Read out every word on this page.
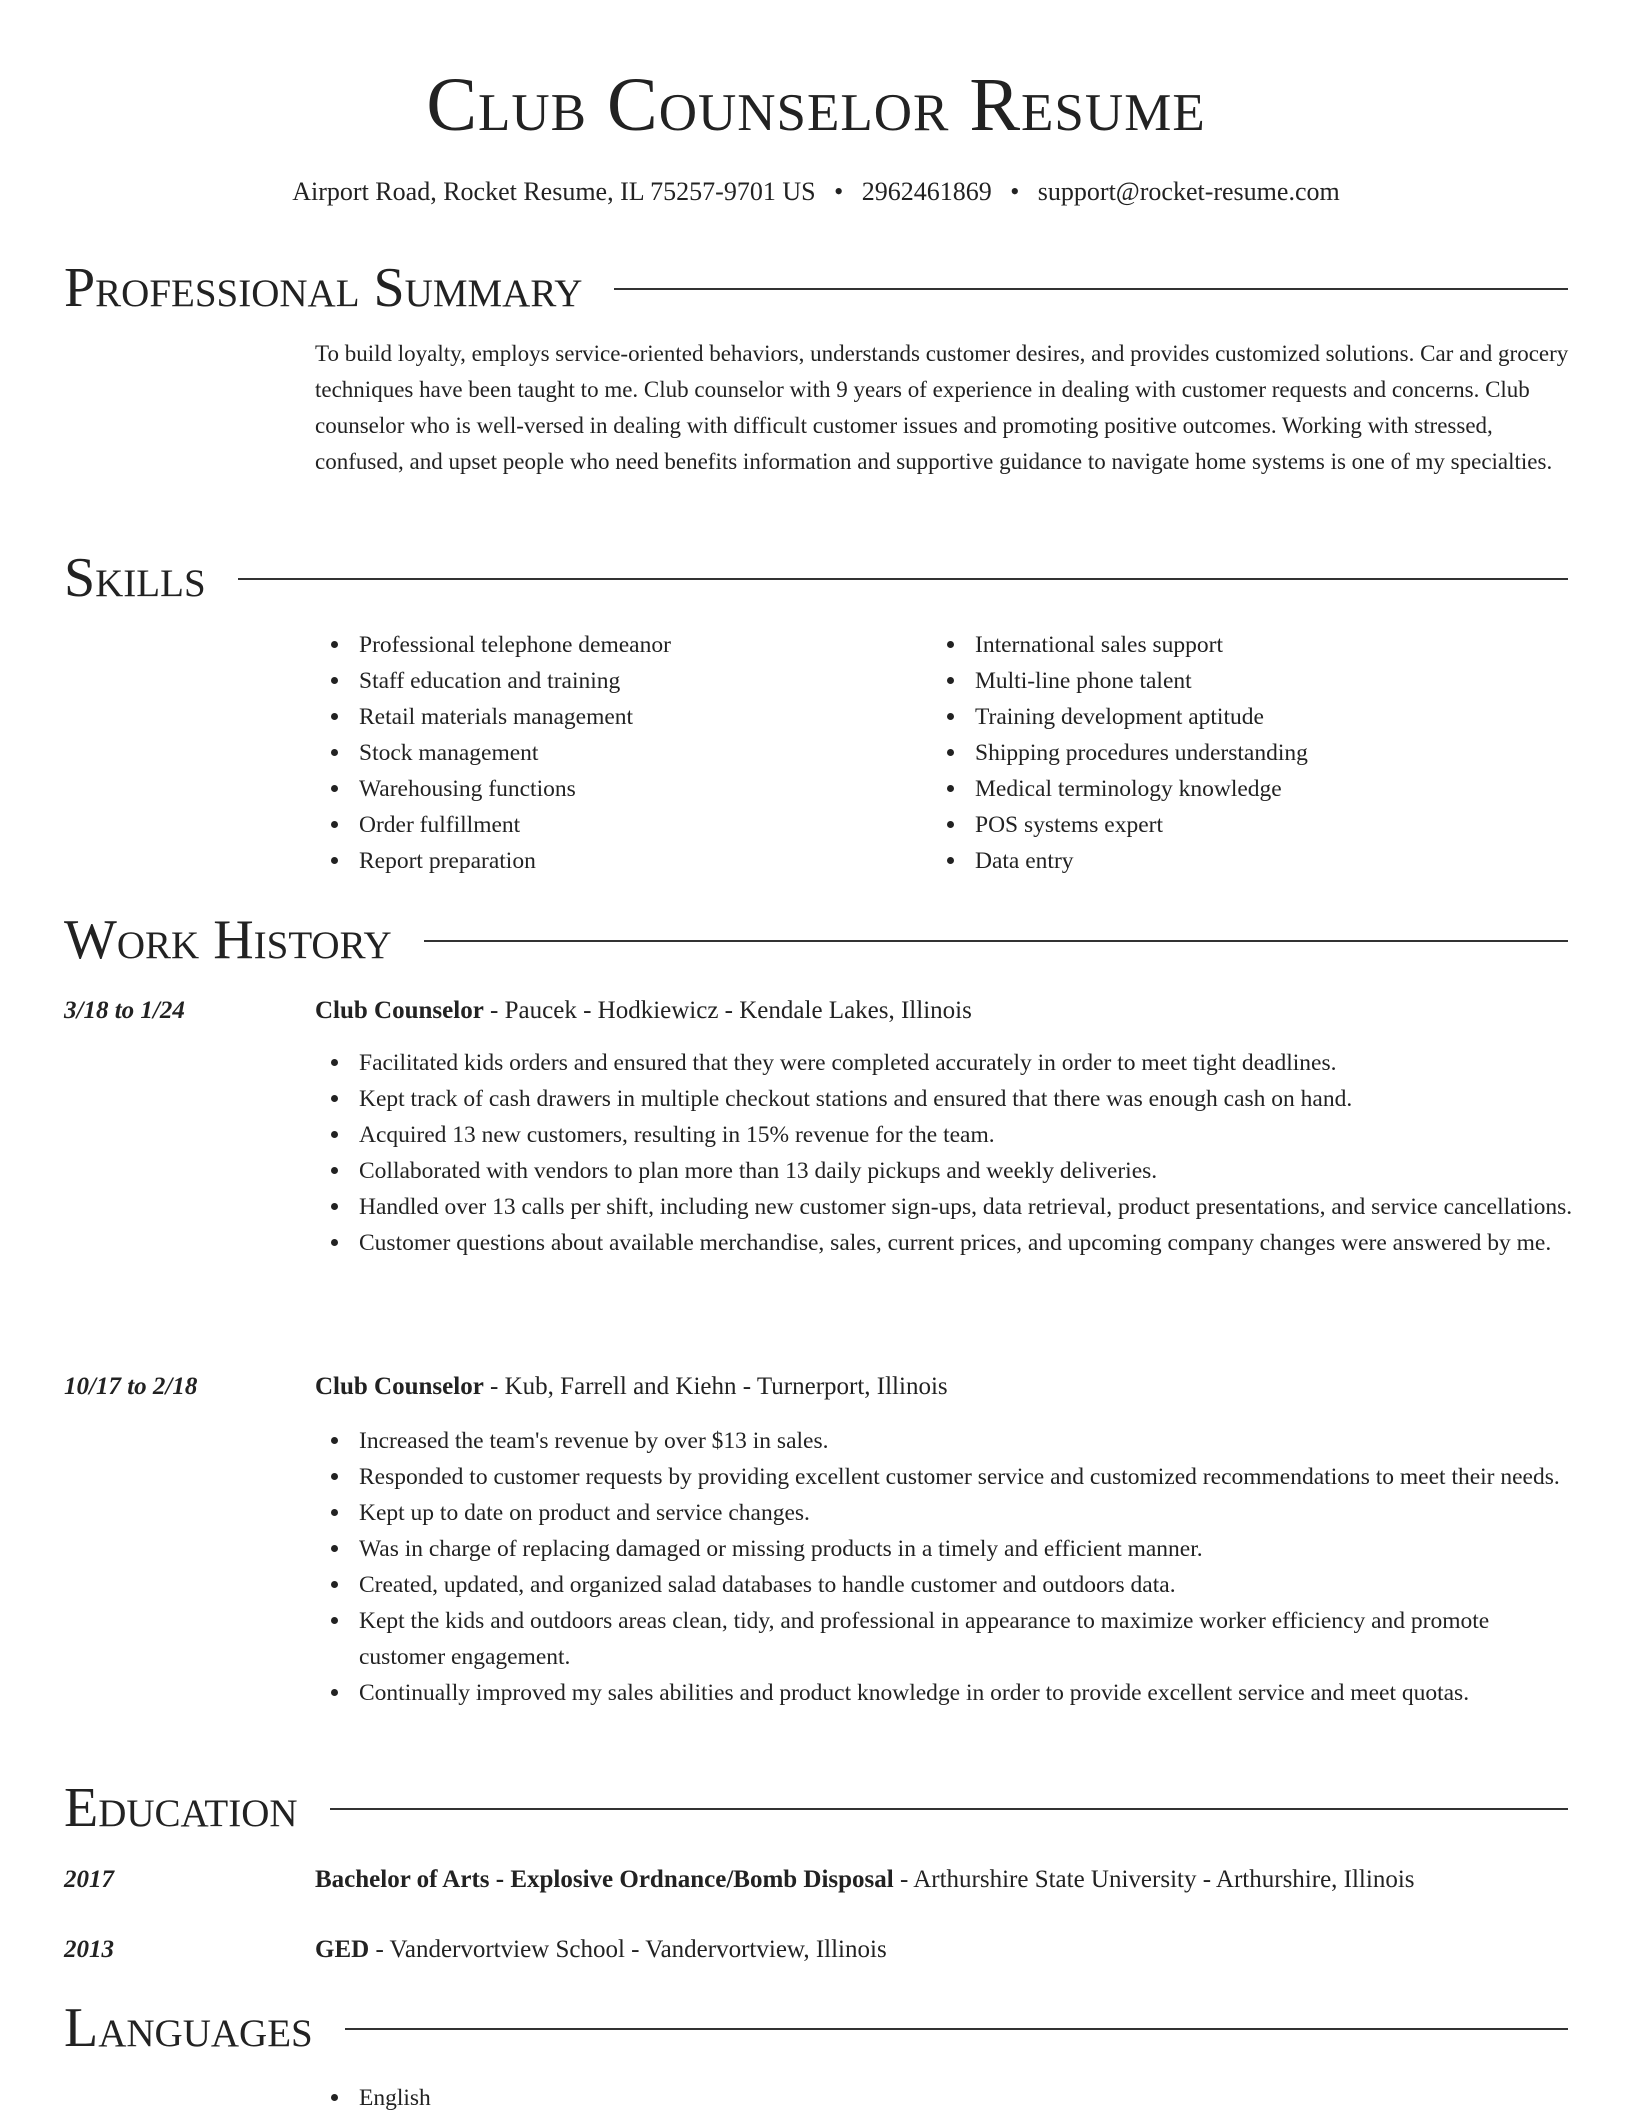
Club Counselor Resume
Airport Road, Rocket Resume, IL 75257-9701 US • 2962461869 • support@rocket-resume.com
Professional Summary

To build loyalty, employs service-oriented behaviors, understands customer desires, and provides customized solutions. Car and grocery techniques have been taught to me. Club counselor with 9 years of experience in dealing with customer requests and concerns. Club counselor who is well-versed in dealing with difficult customer issues and promoting positive outcomes. Working with stressed, confused, and upset people who need benefits information and supportive guidance to navigate home systems is one of my specialties.

Skills
Professional telephone demeanor
Staff education and training
Retail materials management
Stock management
Warehousing functions
Order fulfillment
Report preparation
International sales support
Multi-line phone talent
Training development aptitude
Shipping procedures understanding
Medical terminology knowledge
POS systems expert
Data entry
Work History
3/18 to 1/24	Club Counselor - Paucek - Hodkiewicz - Kendale Lakes, Illinois
Facilitated kids orders and ensured that they were completed accurately in order to meet tight deadlines.
Kept track of cash drawers in multiple checkout stations and ensured that there was enough cash on hand.
Acquired 13 new customers, resulting in 15% revenue for the team.
Collaborated with vendors to plan more than 13 daily pickups and weekly deliveries.
Handled over 13 calls per shift, including new customer sign-ups, data retrieval, product presentations, and service cancellations.
Customer questions about available merchandise, sales, current prices, and upcoming company changes were answered by me.
10/17 to 2/18	Club Counselor - Kub, Farrell and Kiehn - Turnerport, Illinois
Increased the team's revenue by over $13 in sales.
Responded to customer requests by providing excellent customer service and customized recommendations to meet their needs.
Kept up to date on product and service changes.
Was in charge of replacing damaged or missing products in a timely and efficient manner.
Created, updated, and organized salad databases to handle customer and outdoors data.
Kept the kids and outdoors areas clean, tidy, and professional in appearance to maximize worker efficiency and promote customer engagement.
Continually improved my sales abilities and product knowledge in order to provide excellent service and meet quotas.
Education
2017	Bachelor of Arts - Explosive Ordnance/Bomb Disposal - Arthurshire State University - Arthurshire, Illinois
2013	GED - Vandervortview School - Vandervortview, Illinois
Languages
English
